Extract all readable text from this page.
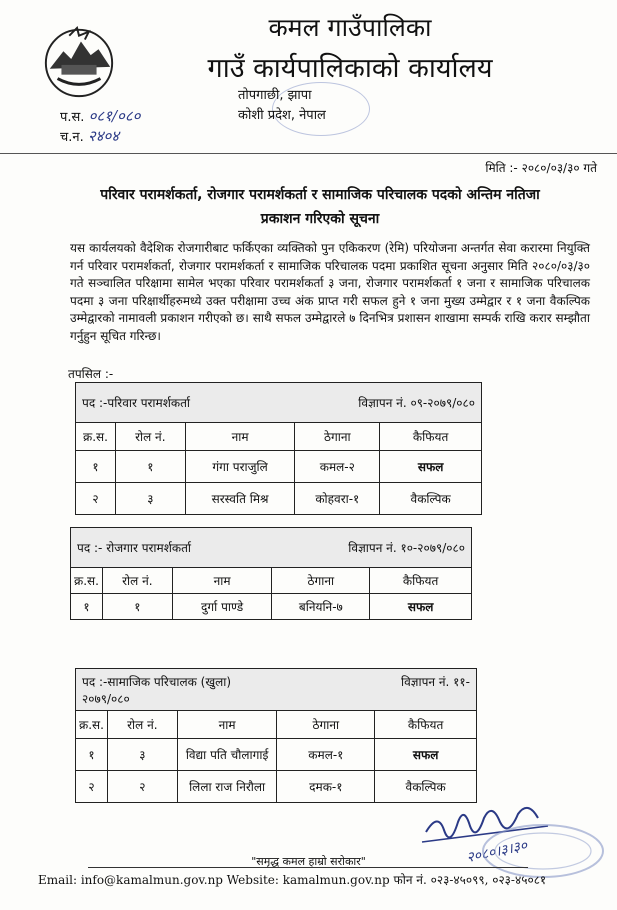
कमल गाउँपालिका
गाउँ कार्यपालिकाको कार्यालय
तोपगाछी, झापा
कोशी प्रदेश, नेपाल
प.स. ०८१/०८०
च.न. २४०४
मिति :- २०८०/०३/३० गते
परिवार परामर्शकर्ता, रोजगार परामर्शकर्ता र सामाजिक परिचालक पदको अन्तिम नतिजा
प्रकाशन गरिएको सूचना
यस कार्यलयको वैदेशिक रोजगारीबाट फर्किएका व्यक्तिको पुन एकिकरण (रेमि) परियोजना अन्तर्गत सेवा करारमा नियुक्ति गर्न परिवार परामर्शकर्ता, रोजगार परामर्शकर्ता र सामाजिक परिचालक पदमा प्रकाशित सूचना अनुसार मिति २०८०/०३/३० गते सञ्चालित परिक्षामा सामेल भएका परिवार परामर्शकर्ता ३ जना, रोजगार परामर्शकर्ता १ जना र सामाजिक परिचालक पदमा ३ जना परिक्षार्थीहरुमध्ये उक्त परीक्षामा उच्च अंक प्राप्त गरी सफल हुने १ जना मुख्य उम्मेद्वार र १ जना वैकल्पिक उम्मेद्वारको नामावली प्रकाशन गरीएको छ। साथै सफल उम्मेद्वारले ७ दिनभित्र प्रशासन शाखामा सम्पर्क राखि करार सम्झौता गर्नुहुन सूचित गरिन्छ।
तपसिल :-
पद :-परिवार परामर्शकर्ता विज्ञापन नं. ०९-२०७९/०८०				

क्र.स.	रोल नं.	नाम	ठेगाना	कैफियत
१	१	गंगा पराजुलि	कमल-२	सफल
२	३	सरस्वति मिश्र	कोहवरा-१	वैकल्पिक
पद :- रोजगार परामर्शकर्ता विज्ञापन नं. १०-२०७९/०८०				

क्र.स.	रोल नं.	नाम	ठेगाना	कैफियत
१	१	दुर्गा पाण्डे	बनियनि-७	सफल
पद :-सामाजिक परिचालक (खुला) विज्ञापन नं. ११-
२०७९/०८०				

क्र.स.	रोल नं.	नाम	ठेगाना	कैफियत
१	३	विद्या पति चौलागाई	कमल-१	सफल
२	२	लिला राज निरौला	दमक-१	वैकल्पिक
२०८०।३।३०
"समृद्ध कमल हाम्रो सरोकार"
Email: info@kamalmun.gov.np Website: kamalmun.gov.np फोन नं. ०२३-४५०९९, ०२३-४५०८१
